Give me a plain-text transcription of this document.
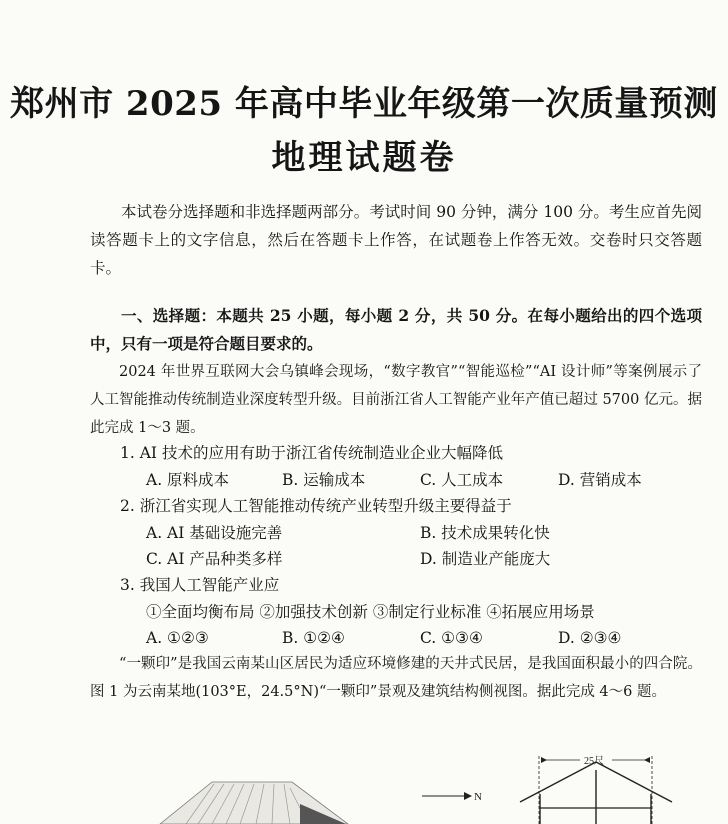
郑州市 2025 年高中毕业年级第一次质量预测
地理试题卷
本试卷分选择题和非选择题两部分。考试时间 90 分钟，满分 100 分。考生应首先阅读答题卡上的文字信息，然后在答题卡上作答，在试题卷上作答无效。交卷时只交答题卡。
一、选择题：本题共 25 小题，每小题 2 分，共 50 分。在每小题给出的四个选项中，只有一项是符合题目要求的。
2024 年世界互联网大会乌镇峰会现场，“数字教官”“智能巡检”“AI 设计师”等案例展示了人工智能推动传统制造业深度转型升级。目前浙江省人工智能产业年产值已超过 5700 亿元。据此完成 1～3 题。
1. AI 技术的应用有助于浙江省传统制造业企业大幅降低
A. 原料成本	B. 运输成本	C. 人工成本	D. 营销成本
2. 浙江省实现人工智能推动传统产业转型升级主要得益于
A. AI 基础设施完善	B. 技术成果转化快
C. AI 产品种类多样	D. 制造业产能庞大
3. 我国人工智能产业应
①全面均衡布局 ②加强技术创新 ③制定行业标准 ④拓展应用场景
A. ①②③	B. ①②④	C. ①③④	D. ②③④
“一颗印”是我国云南某山区居民为适应环境修建的天井式民居，是我国面积最小的四合院。图 1 为云南某地(103°E，24.5°N)“一颗印”景观及建筑结构侧视图。据此完成 4～6 题。
N
25尺
